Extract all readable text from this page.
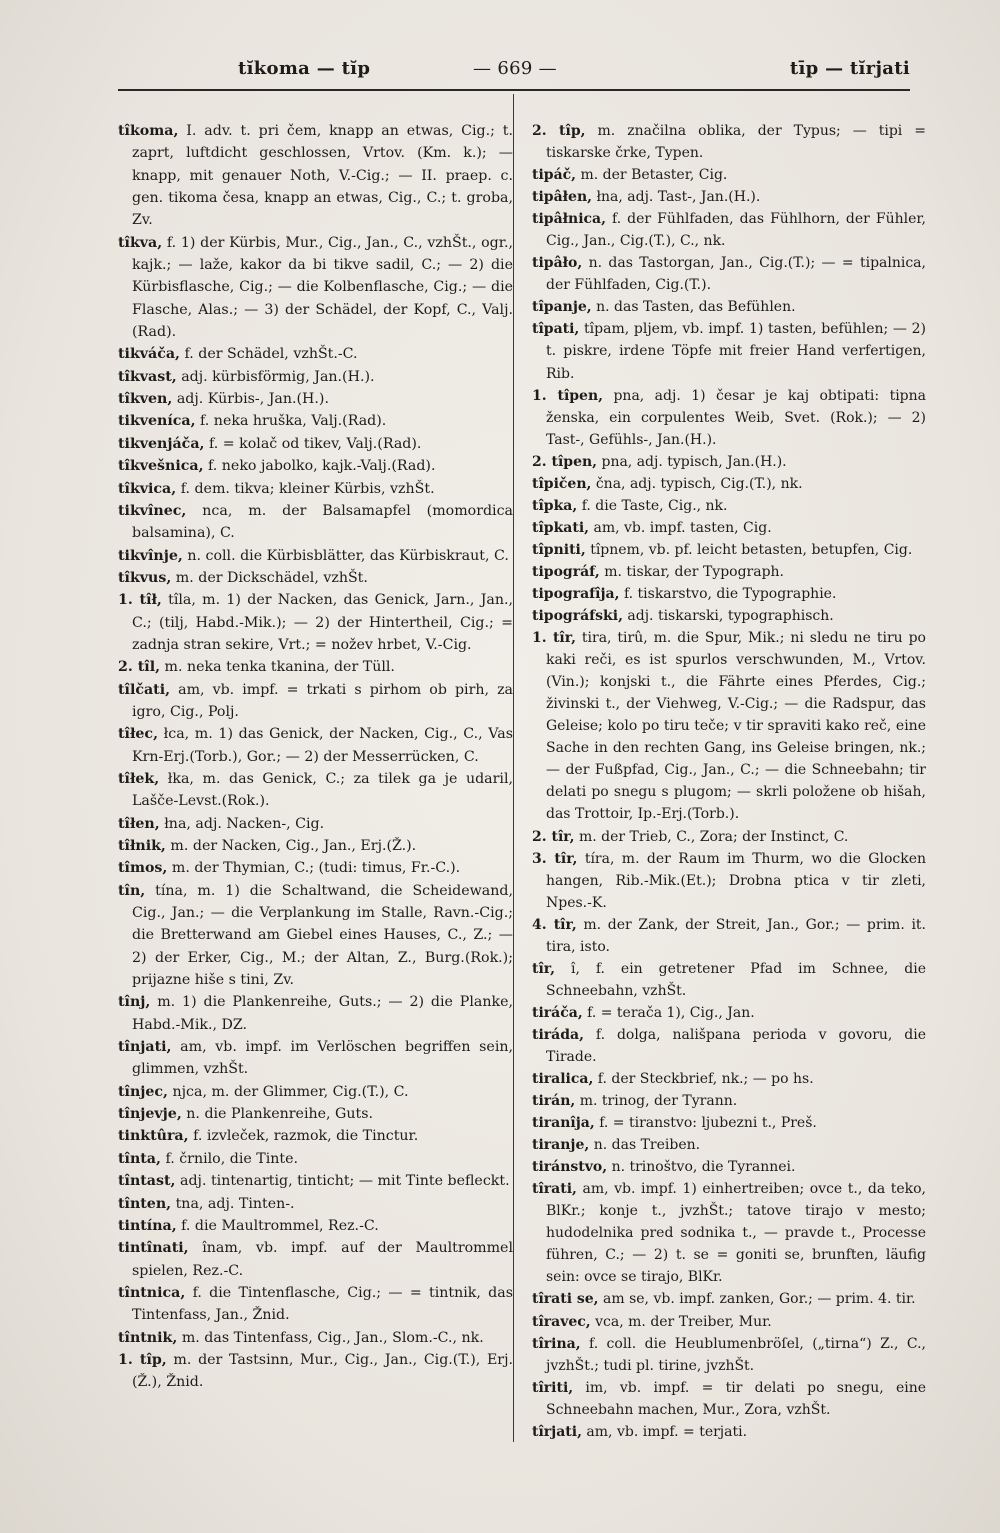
tĭkoma — tĭp	— 669 —	tīp — tĭrjati

tîkoma, I. adv. t. pri čem, knapp an etwas, Cig.; t. zaprt, luftdicht geschlossen, Vrtov. (Km. k.); — knapp, mit genauer Noth, V.-Cig.; — II. praep. c. gen. tikoma česa, knapp an etwas, Cig., C.; t. groba, Zv.

tîkva, f. 1) der Kürbis, Mur., Cig., Jan., C., vzhŠt., ogr., kajk.; — laže, kakor da bi tikve sadil, C.; — 2) die Kürbisflasche, Cig.; — die Kolbenflasche, Cig.; — die Flasche, Alas.; — 3) der Schädel, der Kopf, C., Valj. (Rad).

tikváča, f. der Schädel, vzhŠt.-C.

tîkvast, adj. kürbisförmig, Jan.(H.).

tîkven, adj. Kürbis-, Jan.(H.).

tikveníca, f. neka hruška, Valj.(Rad).

tikvenjáča, f. = kolač od tikev, Valj.(Rad).

tîkvešnica, f. neko jabolko, kajk.-Valj.(Rad).

tîkvica, f. dem. tikva; kleiner Kürbis, vzhŠt.

tikvînec, nca, m. der Balsamapfel (momordica balsamina), C.

tikvînje, n. coll. die Kürbisblätter, das Kürbiskraut, C.

tîkvus, m. der Dickschädel, vzhŠt.

1. tîł, tîla, m. 1) der Nacken, das Genick, Jarn., Jan., C.; (tilj, Habd.-Mik.); — 2) der Hintertheil, Cig.; = zadnja stran sekire, Vrt.; = nožev hrbet, V.-Cig.

2. tîl, m. neka tenka tkanina, der Tüll.

tîlčati, am, vb. impf. = trkati s pirhom ob pirh, za igro, Cig., Polj.

tîłec, łca, m. 1) das Genick, der Nacken, Cig., C., Vas Krn-Erj.(Torb.), Gor.; — 2) der Messerrücken, C.

tîłek, łka, m. das Genick, C.; za tilek ga je udaril, Lašče-Levst.(Rok.).

tîłen, łna, adj. Nacken-, Cig.

tîłnik, m. der Nacken, Cig., Jan., Erj.(Ž.).

tîmos, m. der Thymian, C.; (tudi: timus, Fr.-C.).

tîn, tína, m. 1) die Schaltwand, die Scheidewand, Cig., Jan.; — die Verplankung im Stalle, Ravn.-Cig.; die Bretterwand am Giebel eines Hauses, C., Z.; — 2) der Erker, Cig., M.; der Altan, Z., Burg.(Rok.); prijazne hiše s tini, Zv.

tînj, m. 1) die Plankenreihe, Guts.; — 2) die Planke, Habd.-Mik., DZ.

tînjati, am, vb. impf. im Verlöschen begriffen sein, glimmen, vzhŠt.

tînjec, njca, m. der Glimmer, Cig.(T.), C.

tînjevje, n. die Plankenreihe, Guts.

tinktûra, f. izvleček, razmok, die Tinctur.

tînta, f. črnilo, die Tinte.

tîntast, adj. tintenartig, tinticht; — mit Tinte befleckt.

tînten, tna, adj. Tinten-.

tintína, f. die Maultrommel, Rez.-C.

tintînati, înam, vb. impf. auf der Maultrommel spielen, Rez.-C.

tîntnica, f. die Tintenflasche, Cig.; — = tintnik, das Tintenfass, Jan., Žnid.

tîntnik, m. das Tintenfass, Cig., Jan., Slom.-C., nk.

1. tîp, m. der Tastsinn, Mur., Cig., Jan., Cig.(T.), Erj.(Ž.), Žnid.

2. tîp, m. značilna oblika, der Typus; — tipi = tiskarske črke, Typen.

tipáč, m. der Betaster, Cig.

tipâłen, łna, adj. Tast-, Jan.(H.).

tipâłnica, f. der Fühlfaden, das Fühlhorn, der Fühler, Cig., Jan., Cig.(T.), C., nk.

tipâło, n. das Tastorgan, Jan., Cig.(T.); — = tipalnica, der Fühlfaden, Cig.(T.).

tîpanje, n. das Tasten, das Befühlen.

tîpati, tîpam, pljem, vb. impf. 1) tasten, befühlen; — 2) t. piskre, irdene Töpfe mit freier Hand verfertigen, Rib.

1. tîpen, pna, adj. 1) česar je kaj obtipati: tipna ženska, ein corpulentes Weib, Svet. (Rok.); — 2) Tast-, Gefühls-, Jan.(H.).

2. tîpen, pna, adj. typisch, Jan.(H.).

tîpičen, čna, adj. typisch, Cig.(T.), nk.

tîpka, f. die Taste, Cig., nk.

tîpkati, am, vb. impf. tasten, Cig.

tîpniti, tîpnem, vb. pf. leicht betasten, betupfen, Cig.

tipográf, m. tiskar, der Typograph.

tipografîja, f. tiskarstvo, die Typographie.

tipográfski, adj. tiskarski, typographisch.

1. tîr, tira, tirû, m. die Spur, Mik.; ni sledu ne tiru po kaki reči, es ist spurlos verschwunden, M., Vrtov.(Vin.); konjski t., die Fährte eines Pferdes, Cig.; živinski t., der Viehweg, V.-Cig.; — die Radspur, das Geleise; kolo po tiru teče; v tir spraviti kako reč, eine Sache in den rechten Gang, ins Geleise bringen, nk.; — der Fußpfad, Cig., Jan., C.; — die Schneebahn; tir delati po snegu s plugom; — skrli položene ob hišah, das Trottoir, Ip.-Erj.(Torb.).

2. tîr, m. der Trieb, C., Zora; der Instinct, C.

3. tîr, tíra, m. der Raum im Thurm, wo die Glocken hangen, Rib.-Mik.(Et.); Drobna ptica v tir zleti, Npes.-K.

4. tîr, m. der Zank, der Streit, Jan., Gor.; — prim. it. tira, isto.

tîr, î, f. ein getretener Pfad im Schnee, die Schneebahn, vzhŠt.

tiráča, f. = terača 1), Cig., Jan.

tiráda, f. dolga, nališpana perioda v govoru, die Tirade.

tiralica, f. der Steckbrief, nk.; — po hs.

tirán, m. trinog, der Tyrann.

tiranîja, f. = tiranstvo: ljubezni t., Preš.

tiranje, n. das Treiben.

tiránstvo, n. trinoštvo, die Tyrannei.

tîrati, am, vb. impf. 1) einhertreiben; ovce t., da teko, BlKr.; konje t., jvzhŠt.; tatove tirajo v mesto; hudodelnika pred sodnika t., — pravde t., Processe führen, C.; — 2) t. se = goniti se, brunften, läufig sein: ovce se tirajo, BlKr.

tîrati se, am se, vb. impf. zanken, Gor.; — prim. 4. tir.

tîravec, vca, m. der Treiber, Mur.

tîrina, f. coll. die Heublumenbröſel, („tirna“) Z., C., jvzhŠt.; tudi pl. tirine, jvzhŠt.

tîriti, im, vb. impf. = tir delati po snegu, eine Schneebahn machen, Mur., Zora, vzhŠt.

tîrjati, am, vb. impf. = terjati.
